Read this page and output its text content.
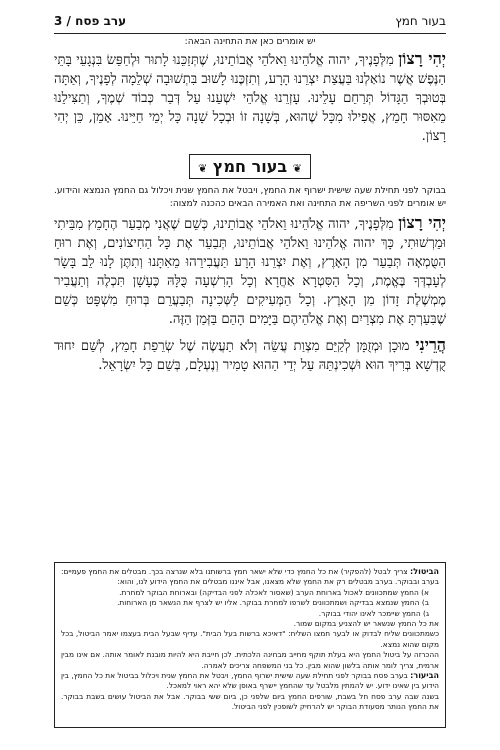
בעור חמץ
ערב פסח / 3

יש אומרים כאן את התחינה הבאה:

יְהִי רָצוֹן מִלְּפָנֶיךָ, יהוה אֱלֹהֵינוּ וֵאלֹהֵי אֲבוֹתֵינוּ, שֶׁתְּזַכֵּנוּ לָתוּר וּלְחַפֵּשׂ בִּנְגָעֵי בָּתֵּי הַנֶּפֶשׁ אֲשֶׁר נוֹאַלְנוּ בַּעֲצַת יִצְרֵנוּ הָרָע, וְתִזְכֶּנוּ לָשׁוּב בִּתְשׁוּבָה שְׁלֵמָה לְפָנֶיךָ, וְאַתָּה בְּטוּבְךָ הַגָּדוֹל תְּרַחֵם עָלֵינוּ. עָזְרֵנוּ אֱלֹהֵי יִשְׁעֵנוּ עַל דְּבַר כְּבוֹד שְׁמֶךָ, וְתַצִּילֵנוּ מֵאִסּוּר חָמֵץ, אֲפִילוּ מִכָּל שֶׁהוּא, בְּשָׁנָה זוֹ וּבְכָל שָׁנָה כָּל יְמֵי חַיֵּינוּ. אָמֵן, כֵּן יְהִי רָצוֹן.

❦ בעור חמץ ❦

בבוקר לפני תחילת שעה שישית ישרוף את החמץ, ויבטל את החמץ שנית ויכלול גם החמץ הנמצא והידוע. יש אומרים לפני השריפה את התחינה ואת האמירה הבאים כהכנה למצוה:

יְהִי רָצוֹן מִלְּפָנֶיךָ, יהוה אֱלֹהֵינוּ וֵאלֹהֵי אֲבוֹתֵינוּ, כְּשֵׁם שֶׁאֲנִי מְבַעֵר הֶחָמֵץ מִבֵּיתִי וּמֵרְשׁוּתִי, כָּךְ יהוה אֱלֹהֵינוּ וֵאלֹהֵי אֲבוֹתֵינוּ, תְּבַעֵר אֶת כָּל הַחִיצוֹנִים, וְאֶת רוּחַ הַטֻּמְאָה תְּבַעֵר מִן הָאָרֶץ, וְאֶת יִצְרֵנוּ הָרָע תַּעֲבִירֵהוּ מֵאִתָּנוּ וְתִתֶּן לָנוּ לֵב בָּשָׂר לְעָבְדְּךָ בֶּאֱמֶת, וְכָל הַסִּטְרָא אַחֲרָא וְכָל הָרִשְׁעָה כֻּלָּהּ כֶּעָשָׁן תִּכְלֶה וְתַעֲבִיר מֶמְשֶׁלֶת זָדוֹן מִן הָאָרֶץ. וְכָל הַמְּעִיקִים לַשְּׁכִינָה תְּבַעֲרֵם בְּרוּחַ מִשְׁפָּט כְּשֵׁם שֶׁבִּעַרְתָּ אֶת מִצְרַיִם וְאֶת אֱלֹהֵיהֶם בַּיָּמִים הָהֵם בַּזְּמַן הַזֶּה.

הֲרֵינִי מוּכָן וּמְזֻמָּן לְקַיֵּם מִצְוַת עֲשֵׂה וְלֹא תַעֲשֶׂה שֶׁל שְׂרֵפַת חָמֵץ, לְשֵׁם יִחוּד קֻדְשָׁא בְּרִיךְ הוּא וּשְׁכִינְתֵּהּ עַל יְדֵי הַהוּא טָמִיר וְנֶעְלָם, בְּשֵׁם כָּל יִשְׂרָאֵל.

הביטול: צריך לבטל (להפקיר) את כל החמץ כדי שלא ישאר חמץ ברשותנו בלא שנרצה בכך. מבטלים את החמץ פעמיים: בערב ובבוקר. בערב מבטלים רק את החמץ שלא מצאנו, אבל איננו מבטלים את החמץ הידוע לנו, והוא:

א) החמץ שמתכוונים לאכול בארוחת הערב (שאסור לאכלה לפני הבדיקה) ובארוחת הבוקר למחרת.

ב) החמץ שנמצא בבדיקה ושמתכוונים לשרפו למחרת בבוקר. אליו יש לצרף את הנשאר מן הארוחות.

ג) החמץ שיימכר לאינו יהודי בבוקר.

את כל החמץ שנשאר יש להצניע במקום שמור.

כשמתכוונים שליח לבדוק או לבער חמצו השליח: "דאיכא ברשות בעל הבית". עדיף שבעל הבית בעצמו יאמר הביטול, בכל מקום שהוא נמצא.

ההכרזה על ביטול החמץ היא בעלת תוקף מחייב מבחינה הלכתית. לכן חייבת היא להיות מובנת לאומר אותה. אם אינו מבין ארמית, צריך לומר אותה בלשון שהוא מבין. כל בני המשפחה צריכים לאמרה.

הביעור: בערב פסח בבוקר לפני תחילת שעה שישית ישרוף החמץ, ויבטל את החמץ שנית ויכלול בביטול את כל החמץ, בין הידוע בין שאינו ידוע. יש להמתין מלבטל עד שהחמץ יישרף באופן שלא יהא ראוי למאכל.

בשנה שבה ערב פסח חל בשבת, שורפים החמץ ביום שלפני כן, ביום ששי בבוקר. אבל את הביטול עושים בשבת בבוקר. את החמץ הנותר מסעודת הבוקר יש להרחיק לשופכין לפני הביטול.
